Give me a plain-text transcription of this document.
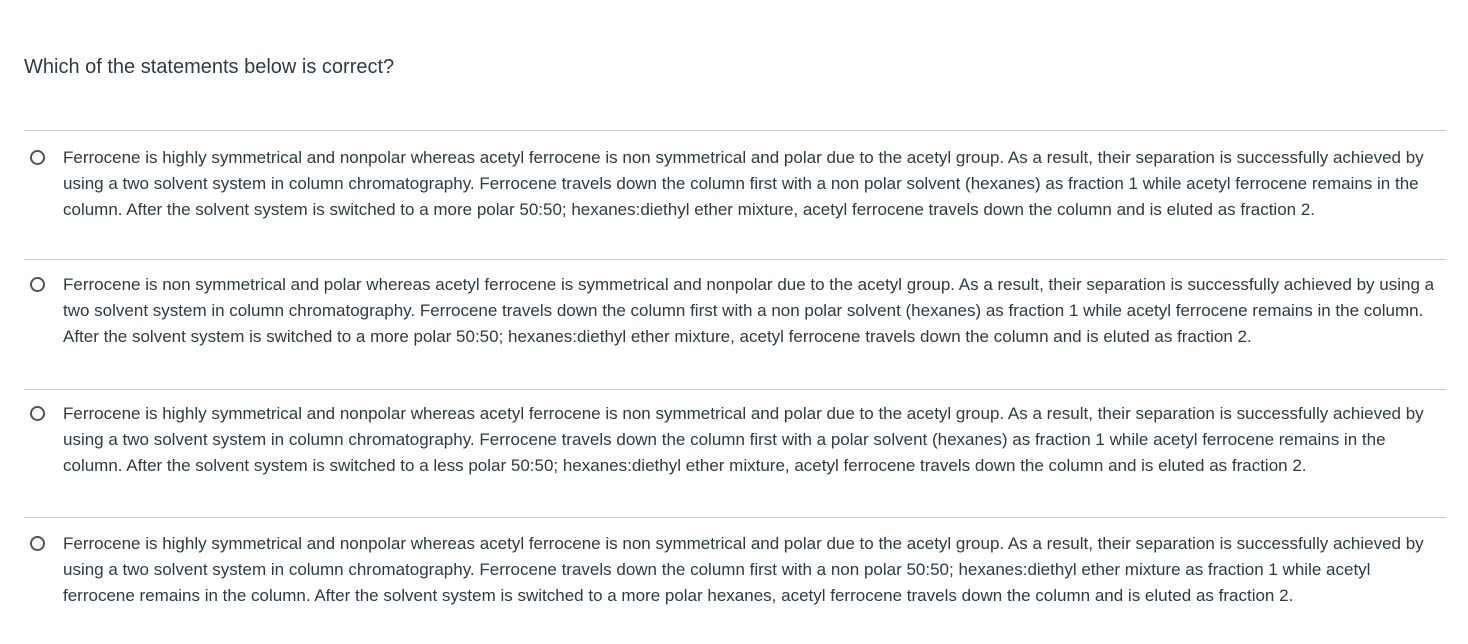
Which of the statements below is correct?
Ferrocene is highly symmetrical and nonpolar whereas acetyl ferrocene is non symmetrical and polar due to the acetyl group. As a result, their separation is successfully achieved by using a two solvent system in column chromatography. Ferrocene travels down the column first with a non polar solvent (hexanes) as fraction 1 while acetyl ferrocene remains in the column. After the solvent system is switched to a more polar 50:50; hexanes:diethyl ether mixture, acetyl ferrocene travels down the column and is eluted as fraction 2.
Ferrocene is non symmetrical and polar whereas acetyl ferrocene is symmetrical and nonpolar due to the acetyl group. As a result, their separation is successfully achieved by using a two solvent system in column chromatography. Ferrocene travels down the column first with a non polar solvent (hexanes) as fraction 1 while acetyl ferrocene remains in the column. After the solvent system is switched to a more polar 50:50; hexanes:diethyl ether mixture, acetyl ferrocene travels down the column and is eluted as fraction 2.
Ferrocene is highly symmetrical and nonpolar whereas acetyl ferrocene is non symmetrical and polar due to the acetyl group. As a result, their separation is successfully achieved by using a two solvent system in column chromatography. Ferrocene travels down the column first with a polar solvent (hexanes) as fraction 1 while acetyl ferrocene remains in the column. After the solvent system is switched to a less polar 50:50; hexanes:diethyl ether mixture, acetyl ferrocene travels down the column and is eluted as fraction 2.
Ferrocene is highly symmetrical and nonpolar whereas acetyl ferrocene is non symmetrical and polar due to the acetyl group. As a result, their separation is successfully achieved by using a two solvent system in column chromatography. Ferrocene travels down the column first with a non polar 50:50; hexanes:diethyl ether mixture as fraction 1 while acetyl ferrocene remains in the column. After the solvent system is switched to a more polar hexanes, acetyl ferrocene travels down the column and is eluted as fraction 2.
